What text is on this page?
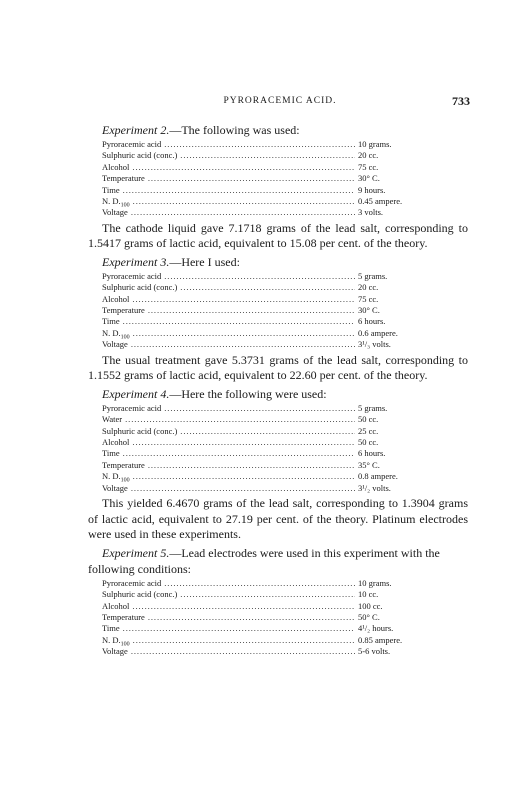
PYRORACEMIC ACID.	733

Experiment 2.—The following was used:

Pyroracemic acid . . .	10 grams.
Sulphuric acid (conc.) . . .	20 cc.
Alcohol . . .	75 cc.
Temperature . . .	30° C.
Time . . .	9 hours.
N. $D._{100}$ . . .	0.45 ampere.
Voltage . . .	3 volts.

The cathode liquid gave 7.1718 grams of the lead salt, corresponding to 1.5417 grams of lactic acid, equivalent to 15.08 per cent. of the theory.

Experiment 3.—Here I used:

Pyroracemic acid . . .	5 grams.
Sulphuric acid (conc.) . . .	20 cc.
Alcohol . . .	75 cc.
Temperature . . .	30° C.
Time . . .	6 hours.
N. $D._{100}$ . . .	0.6 ampere.
Voltage . . .	3¹/₃ volts.

The usual treatment gave 5.3731 grams of the lead salt, corresponding to 1.1552 grams of lactic acid, equivalent to 22.60 per cent. of the theory.

Experiment 4.—Here the following were used:

Pyroracemic acid . . .	5 grams.
Water . . .	50 cc.
Sulphuric acid (conc.) . . .	25 cc.
Alcohol . . .	50 cc.
Time . . .	6 hours.
Temperature . . .	35° C.
N. $D._{100}$ . . .	0.8 ampere.
Voltage . . .	3¹/₂ volts.

This yielded 6.4670 grams of the lead salt, corresponding to 1.3904 grams of lactic acid, equivalent to 27.19 per cent. of the theory. Platinum electrodes were used in these experiments.

Experiment 5.—Lead electrodes were used in this experiment with the following conditions:

Pyroracemic acid . . .	10 grams.
Sulphuric acid (conc.) . . .	10 cc.
Alcohol . . .	100 cc.
Temperature . . .	50° C.
Time . . .	4¹/₂ hours.
N. $D._{100}$ . . .	0.85 ampere.
Voltage . . .	5-6 volts.
